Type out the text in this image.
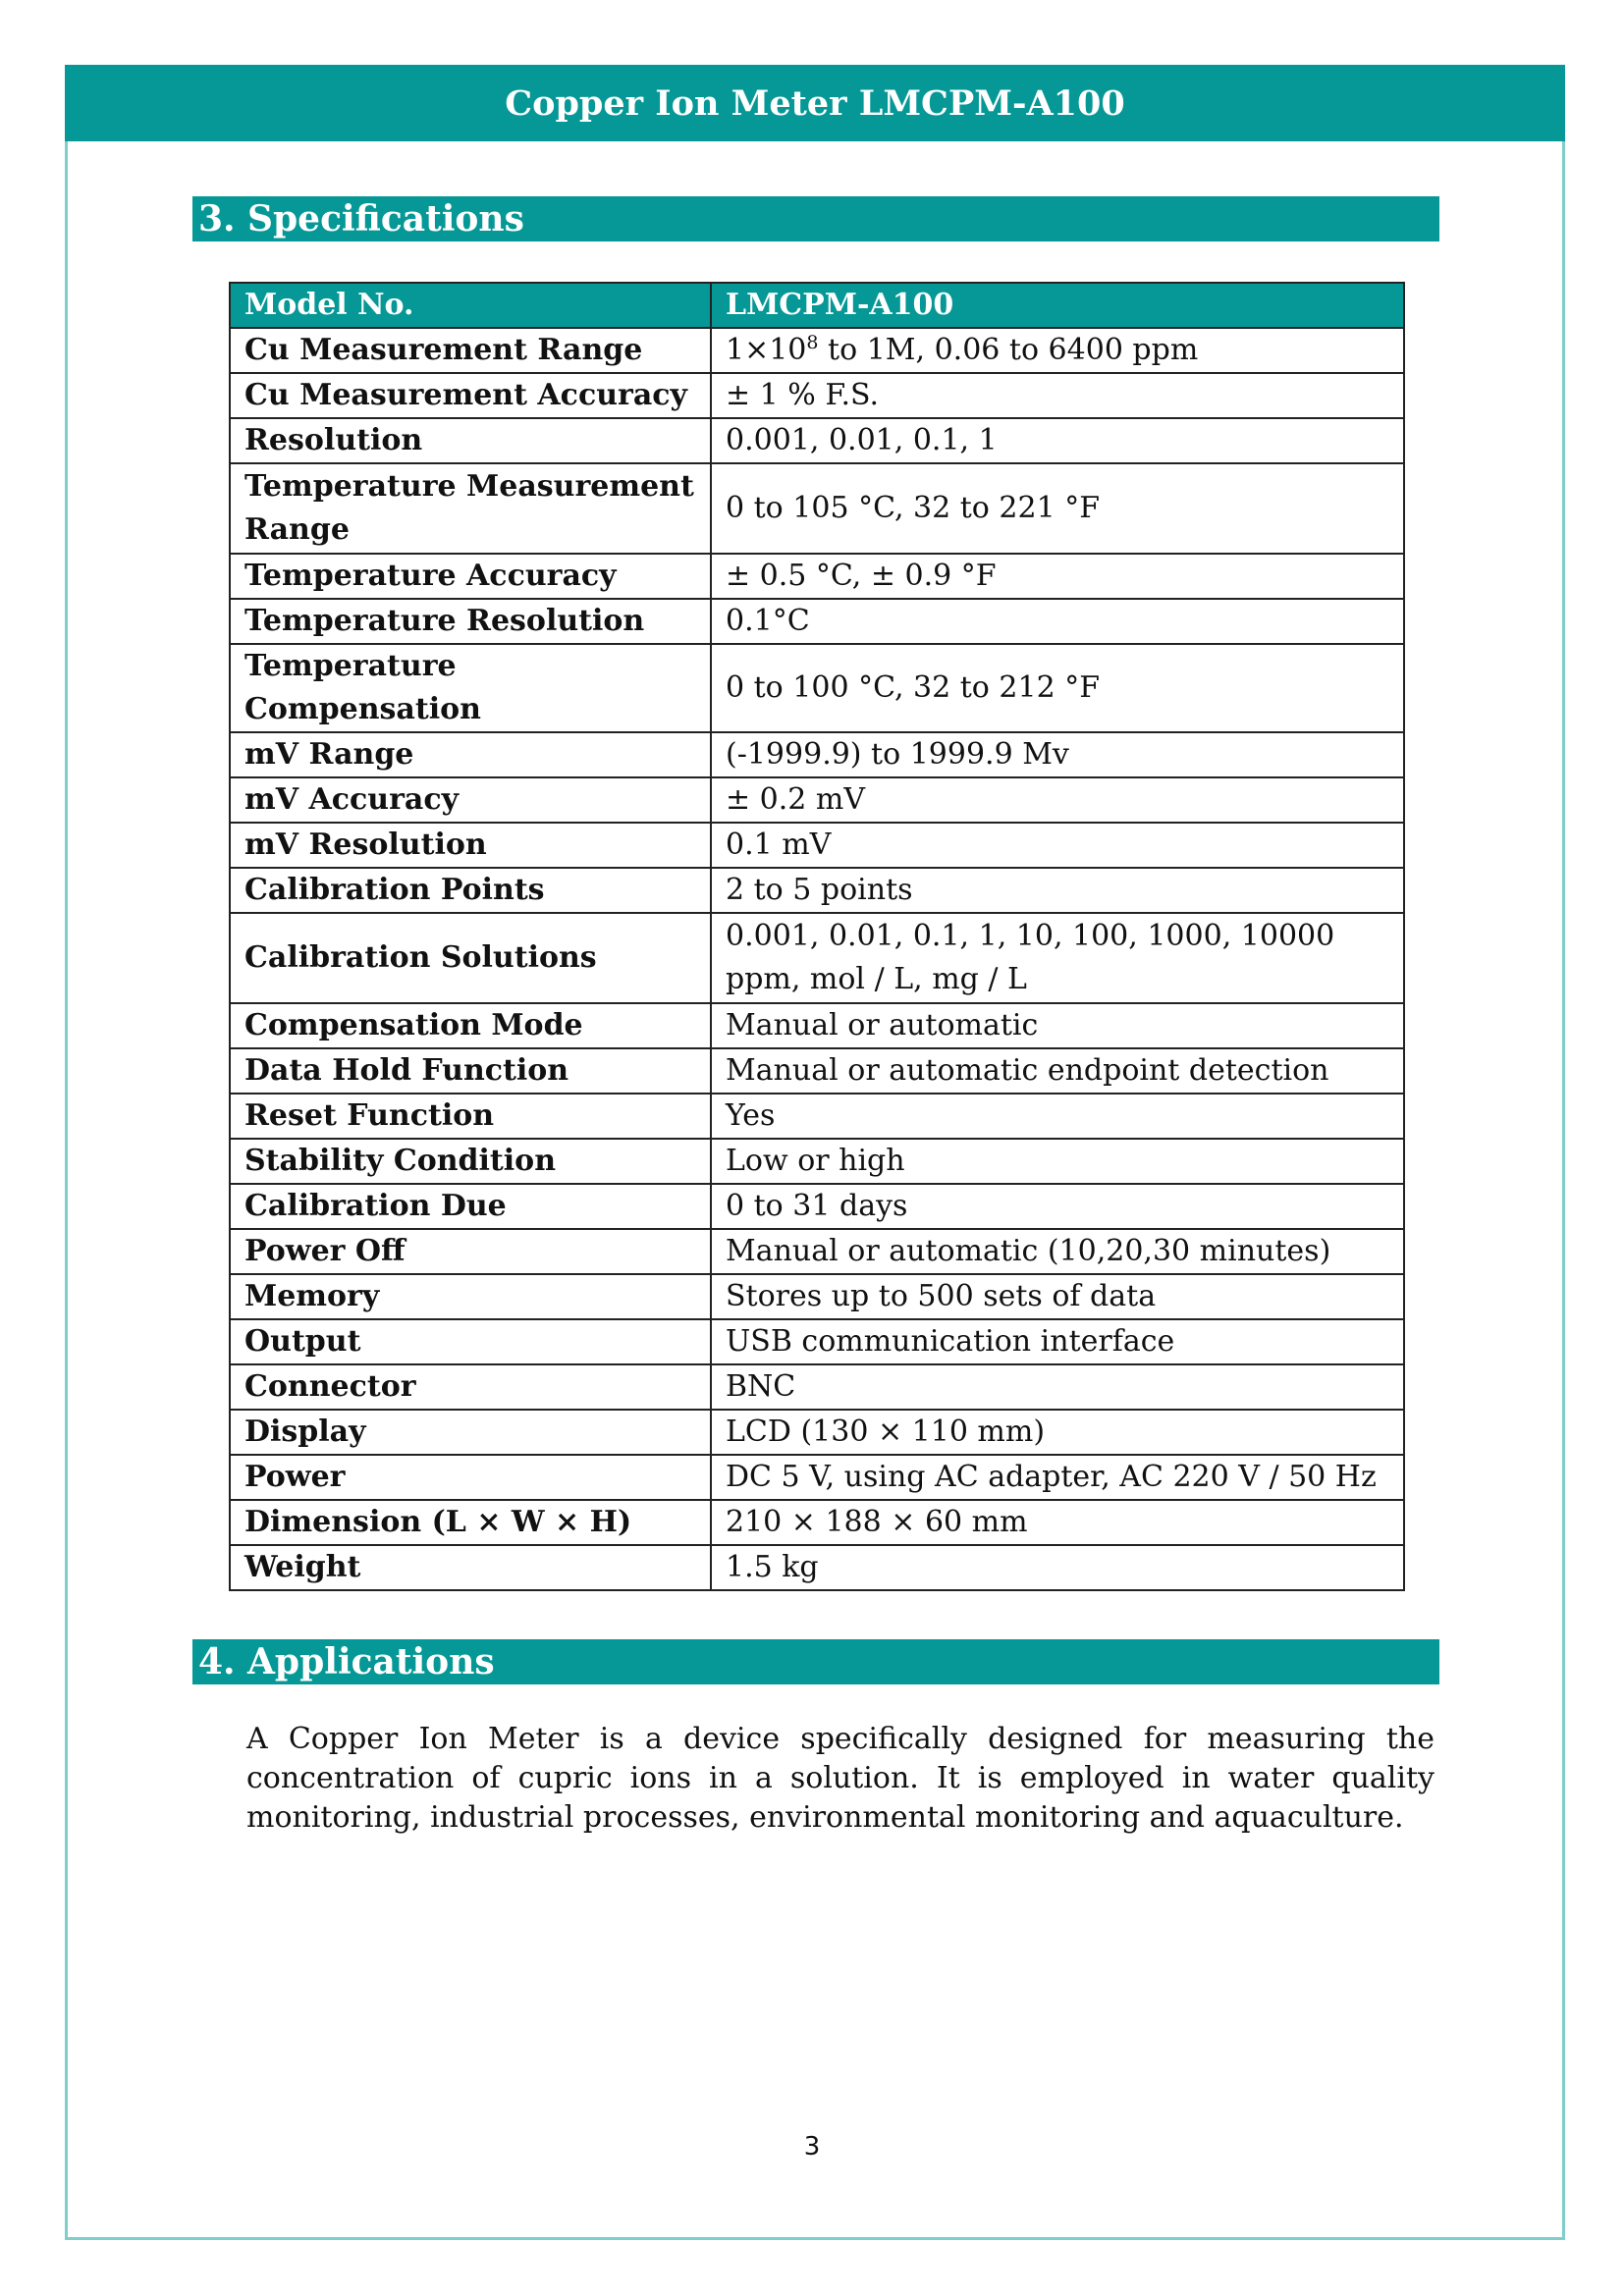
Copper Ion Meter LMCPM-A100
3. Specifications
Model No.	LMCPM-A100
Cu Measurement Range	$1\times 10^8$ to 1M, 0.06 to 6400 ppm
Cu Measurement Accuracy	± 1 % F.S.
Resolution	0.001, 0.01, 0.1, 1
Temperature Measurement Range	0 to 105 °C, 32 to 221 °F
Temperature Accuracy	± 0.5 °C, ± 0.9 °F
Temperature Resolution	0.1°C
Temperature Compensation	0 to 100 °C, 32 to 212 °F
mV Range	(-1999.9) to 1999.9 Mv
mV Accuracy	± 0.2 mV
mV Resolution	0.1 mV
Calibration Points	2 to 5 points
Calibration Solutions	0.001, 0.01, 0.1, 1, 10, 100, 1000, 10000 ppm, mol / L, mg / L
Compensation Mode	Manual or automatic
Data Hold Function	Manual or automatic endpoint detection
Reset Function	Yes
Stability Condition	Low or high
Calibration Due	0 to 31 days
Power Off	Manual or automatic (10,20,30 minutes)
Memory	Stores up to 500 sets of data
Output	USB communication interface
Connector	BNC
Display	LCD (130 × 110 mm)
Power	DC 5 V, using AC adapter, AC 220 V / 50 Hz
Dimension (L × W × H)	210 × 188 × 60 mm
Weight	1.5 kg
4. Applications

A Copper Ion Meter is a device specifically designed for measuring the concentration of cupric ions in a solution. It is employed in water quality monitoring, industrial processes, environmental monitoring and aquaculture.

3
